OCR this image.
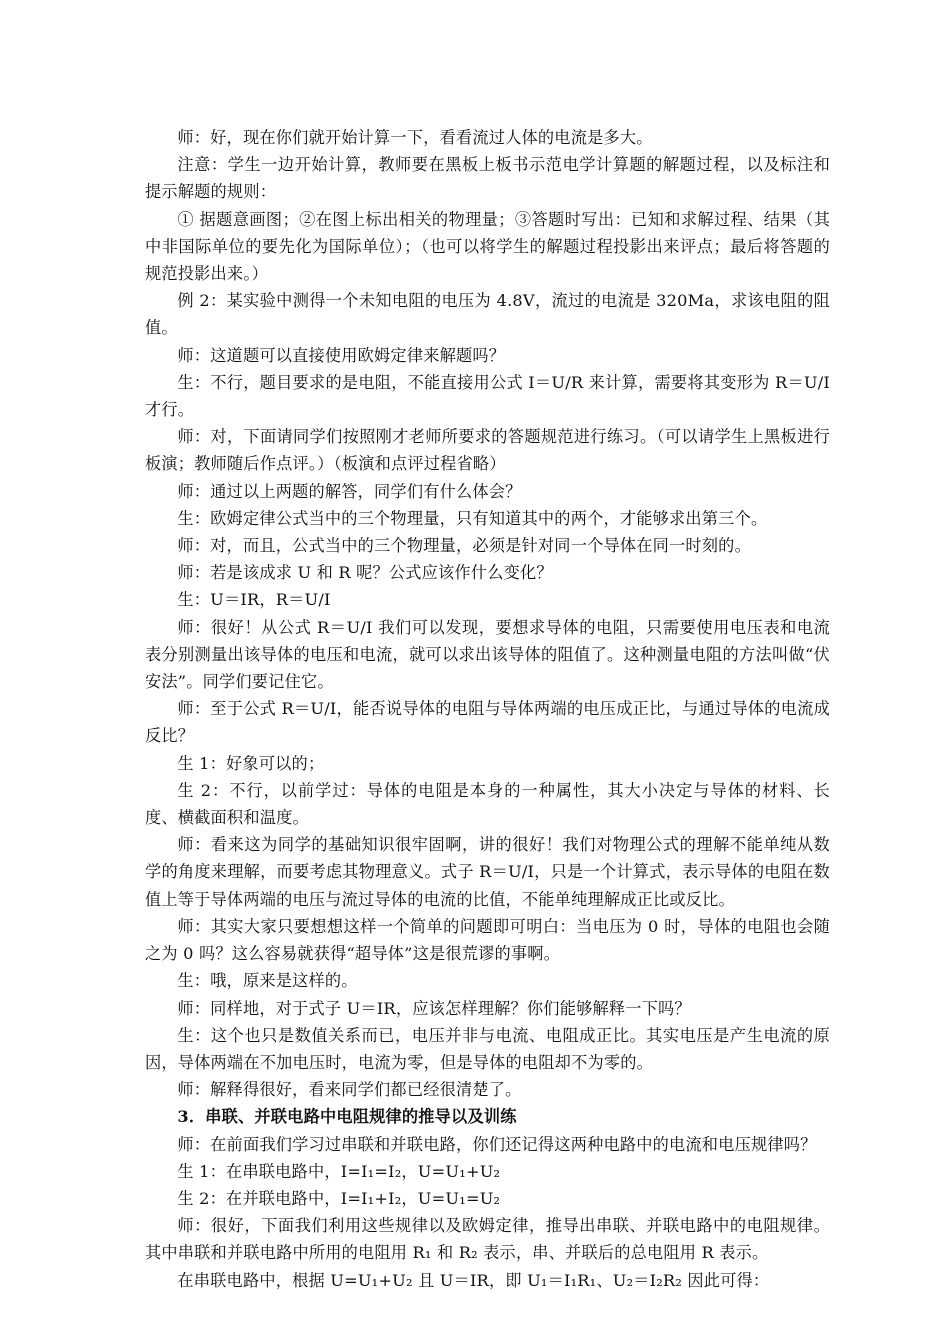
师：好，现在你们就开始计算一下，看看流过人体的电流是多大。

注意：学生一边开始计算，教师要在黑板上板书示范电学计算题的解题过程，以及标注和提示解题的规则：

① 据题意画图；②在图上标出相关的物理量；③答题时写出：已知和求解过程、结果（其中非国际单位的要先化为国际单位）；（也可以将学生的解题过程投影出来评点；最后将答题的规范投影出来。）

例 2：某实验中测得一个未知电阻的电压为 4.8V，流过的电流是 320Ma，求该电阻的阻值。

师：这道题可以直接使用欧姆定律来解题吗？

生：不行，题目要求的是电阻，不能直接用公式 I＝U/R 来计算，需要将其变形为 R＝U/I 才行。

师：对，下面请同学们按照刚才老师所要求的答题规范进行练习。（可以请学生上黑板进行板演；教师随后作点评。）（板演和点评过程省略）

师：通过以上两题的解答，同学们有什么体会？

生：欧姆定律公式当中的三个物理量，只有知道其中的两个，才能够求出第三个。

师：对，而且，公式当中的三个物理量，必须是针对同一个导体在同一时刻的。

师：若是该成求 U 和 R 呢？公式应该作什么变化？

生：U＝IR，R＝U/I

师：很好！从公式 R＝U/I 我们可以发现，要想求导体的电阻，只需要使用电压表和电流表分别测量出该导体的电压和电流，就可以求出该导体的阻值了。这种测量电阻的方法叫做“伏安法”。同学们要记住它。

师：至于公式 R＝U/I，能否说导体的电阻与导体两端的电压成正比，与通过导体的电流成反比？

生 1：好象可以的；

生 2：不行，以前学过：导体的电阻是本身的一种属性，其大小决定与导体的材料、长度、横截面积和温度。

师：看来这为同学的基础知识很牢固啊，讲的很好！我们对物理公式的理解不能单纯从数学的角度来理解，而要考虑其物理意义。式子 R＝U/I，只是一个计算式，表示导体的电阻在数值上等于导体两端的电压与流过导体的电流的比值，不能单纯理解成正比或反比。

师：其实大家只要想想这样一个简单的问题即可明白：当电压为 0 时，导体的电阻也会随之为 0 吗？这么容易就获得“超导体”这是很荒谬的事啊。

生：哦，原来是这样的。

师：同样地，对于式子 U＝IR，应该怎样理解？你们能够解释一下吗？

生：这个也只是数值关系而已，电压并非与电流、电阻成正比。其实电压是产生电流的原因，导体两端在不加电压时，电流为零，但是导体的电阻却不为零的。

师：解释得很好，看来同学们都已经很清楚了。

3．串联、并联电路中电阻规律的推导以及训练

师：在前面我们学习过串联和并联电路，你们还记得这两种电路中的电流和电压规律吗？

生 1：在串联电路中，I=I₁=I₂，U=U₁+U₂

生 2：在并联电路中，I=I₁+I₂，U=U₁=U₂

师：很好，下面我们利用这些规律以及欧姆定律，推导出串联、并联电路中的电阻规律。其中串联和并联电路中所用的电阻用 R₁ 和 R₂ 表示，串、并联后的总电阻用 R 表示。

在串联电路中，根据 U=U₁+U₂ 且 U＝IR，即 U₁＝I₁R₁、U₂＝I₂R₂ 因此可得：
